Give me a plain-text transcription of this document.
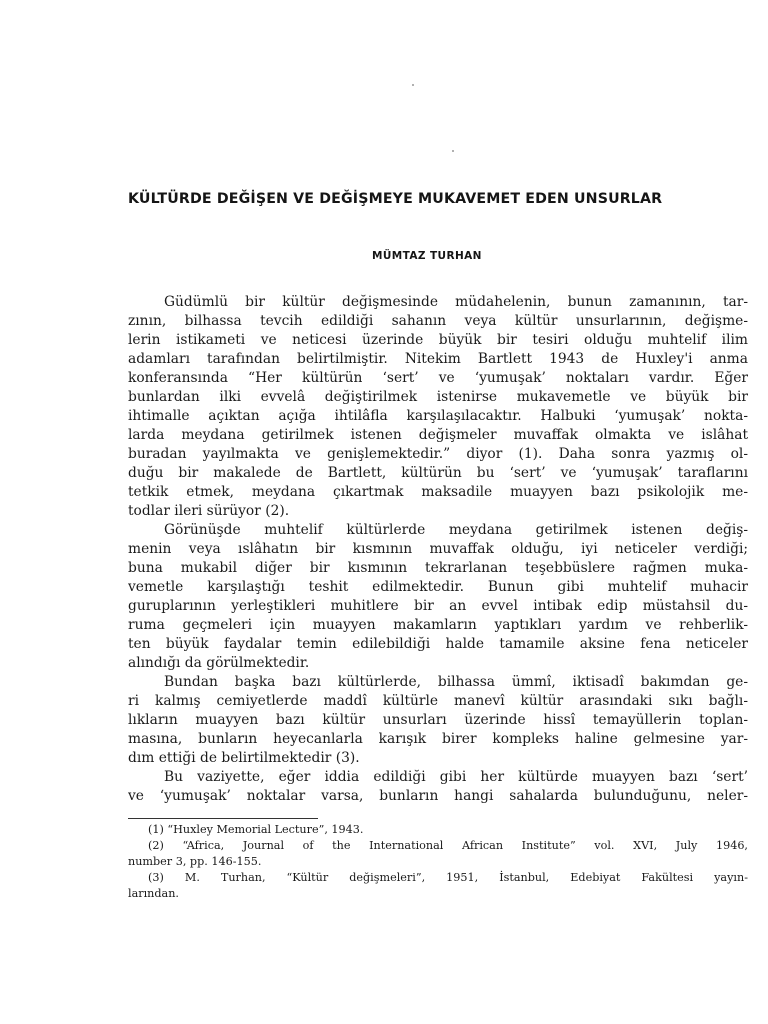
KÜLTÜRDE DEĞİŞEN VE DEĞİŞMEYE MUKAVEMET EDEN UNSURLAR
MÜMTAZ TURHAN
Güdümlü bir kültür değişmesinde müdahelenin, bunun zamanının, tar-
zının, bilhassa tevcih edildiği sahanın veya kültür unsurlarının, değişme-
lerin istikameti ve neticesi üzerinde büyük bir tesiri olduğu muhtelif ilim
adamları tarafından belirtilmiştir. Nitekim Bartlett 1943 de Huxley'i anma
konferansında “Her kültürün ‘sert’ ve ‘yumuşak’ noktaları vardır. Eğer
bunlardan ilki evvelâ değiştirilmek istenirse mukavemetle ve büyük bir
ihtimalle açıktan açığa ihtilâfla karşılaşılacaktır. Halbuki ‘yumuşak’ nokta-
larda meydana getirilmek istenen değişmeler muvaffak olmakta ve islâhat
buradan yayılmakta ve genişlemektedir.” diyor (1). Daha sonra yazmış ol-
duğu bir makalede de Bartlett, kültürün bu ‘sert’ ve ‘yumuşak’ taraflarını
tetkik etmek, meydana çıkartmak maksadile muayyen bazı psikolojik me-
todlar ileri sürüyor (2).
Görünüşde muhtelif kültürlerde meydana getirilmek istenen değiş-
menin veya ıslâhatın bir kısmının muvaffak olduğu, iyi neticeler verdiği;
buna mukabil diğer bir kısmının tekrarlanan teşebbüslere rağmen muka-
vemetle karşılaştığı teshit edilmektedir. Bunun gibi muhtelif muhacir
guruplarının yerleştikleri muhitlere bir an evvel intibak edip müstahsil du-
ruma geçmeleri için muayyen makamların yaptıkları yardım ve rehberlik-
ten büyük faydalar temin edilebildiği halde tamamile aksine fena neticeler
alındığı da görülmektedir.
Bundan başka bazı kültürlerde, bilhassa ümmî, iktisadî bakımdan ge-
ri kalmış cemiyetlerde maddî kültürle manevî kültür arasındaki sıkı bağlı-
lıkların muayyen bazı kültür unsurları üzerinde hissî temayüllerin toplan-
masına, bunların heyecanlarla karışık birer kompleks haline gelmesine yar-
dım ettiği de belirtilmektedir (3).
Bu vaziyette, eğer iddia edildiği gibi her kültürde muayyen bazı ‘sert’
ve ‘yumuşak’ noktalar varsa, bunların hangi sahalarda bulunduğunu, neler-
(1) “Huxley Memorial Lecture”, 1943.
(2) “Africa, Journal of the International African Institute” vol. XVI, July 1946,
number 3, pp. 146-155.
(3) M. Turhan, “Kültür değişmeleri”, 1951, İstanbul, Edebiyat Fakültesi yayın-
larından.
